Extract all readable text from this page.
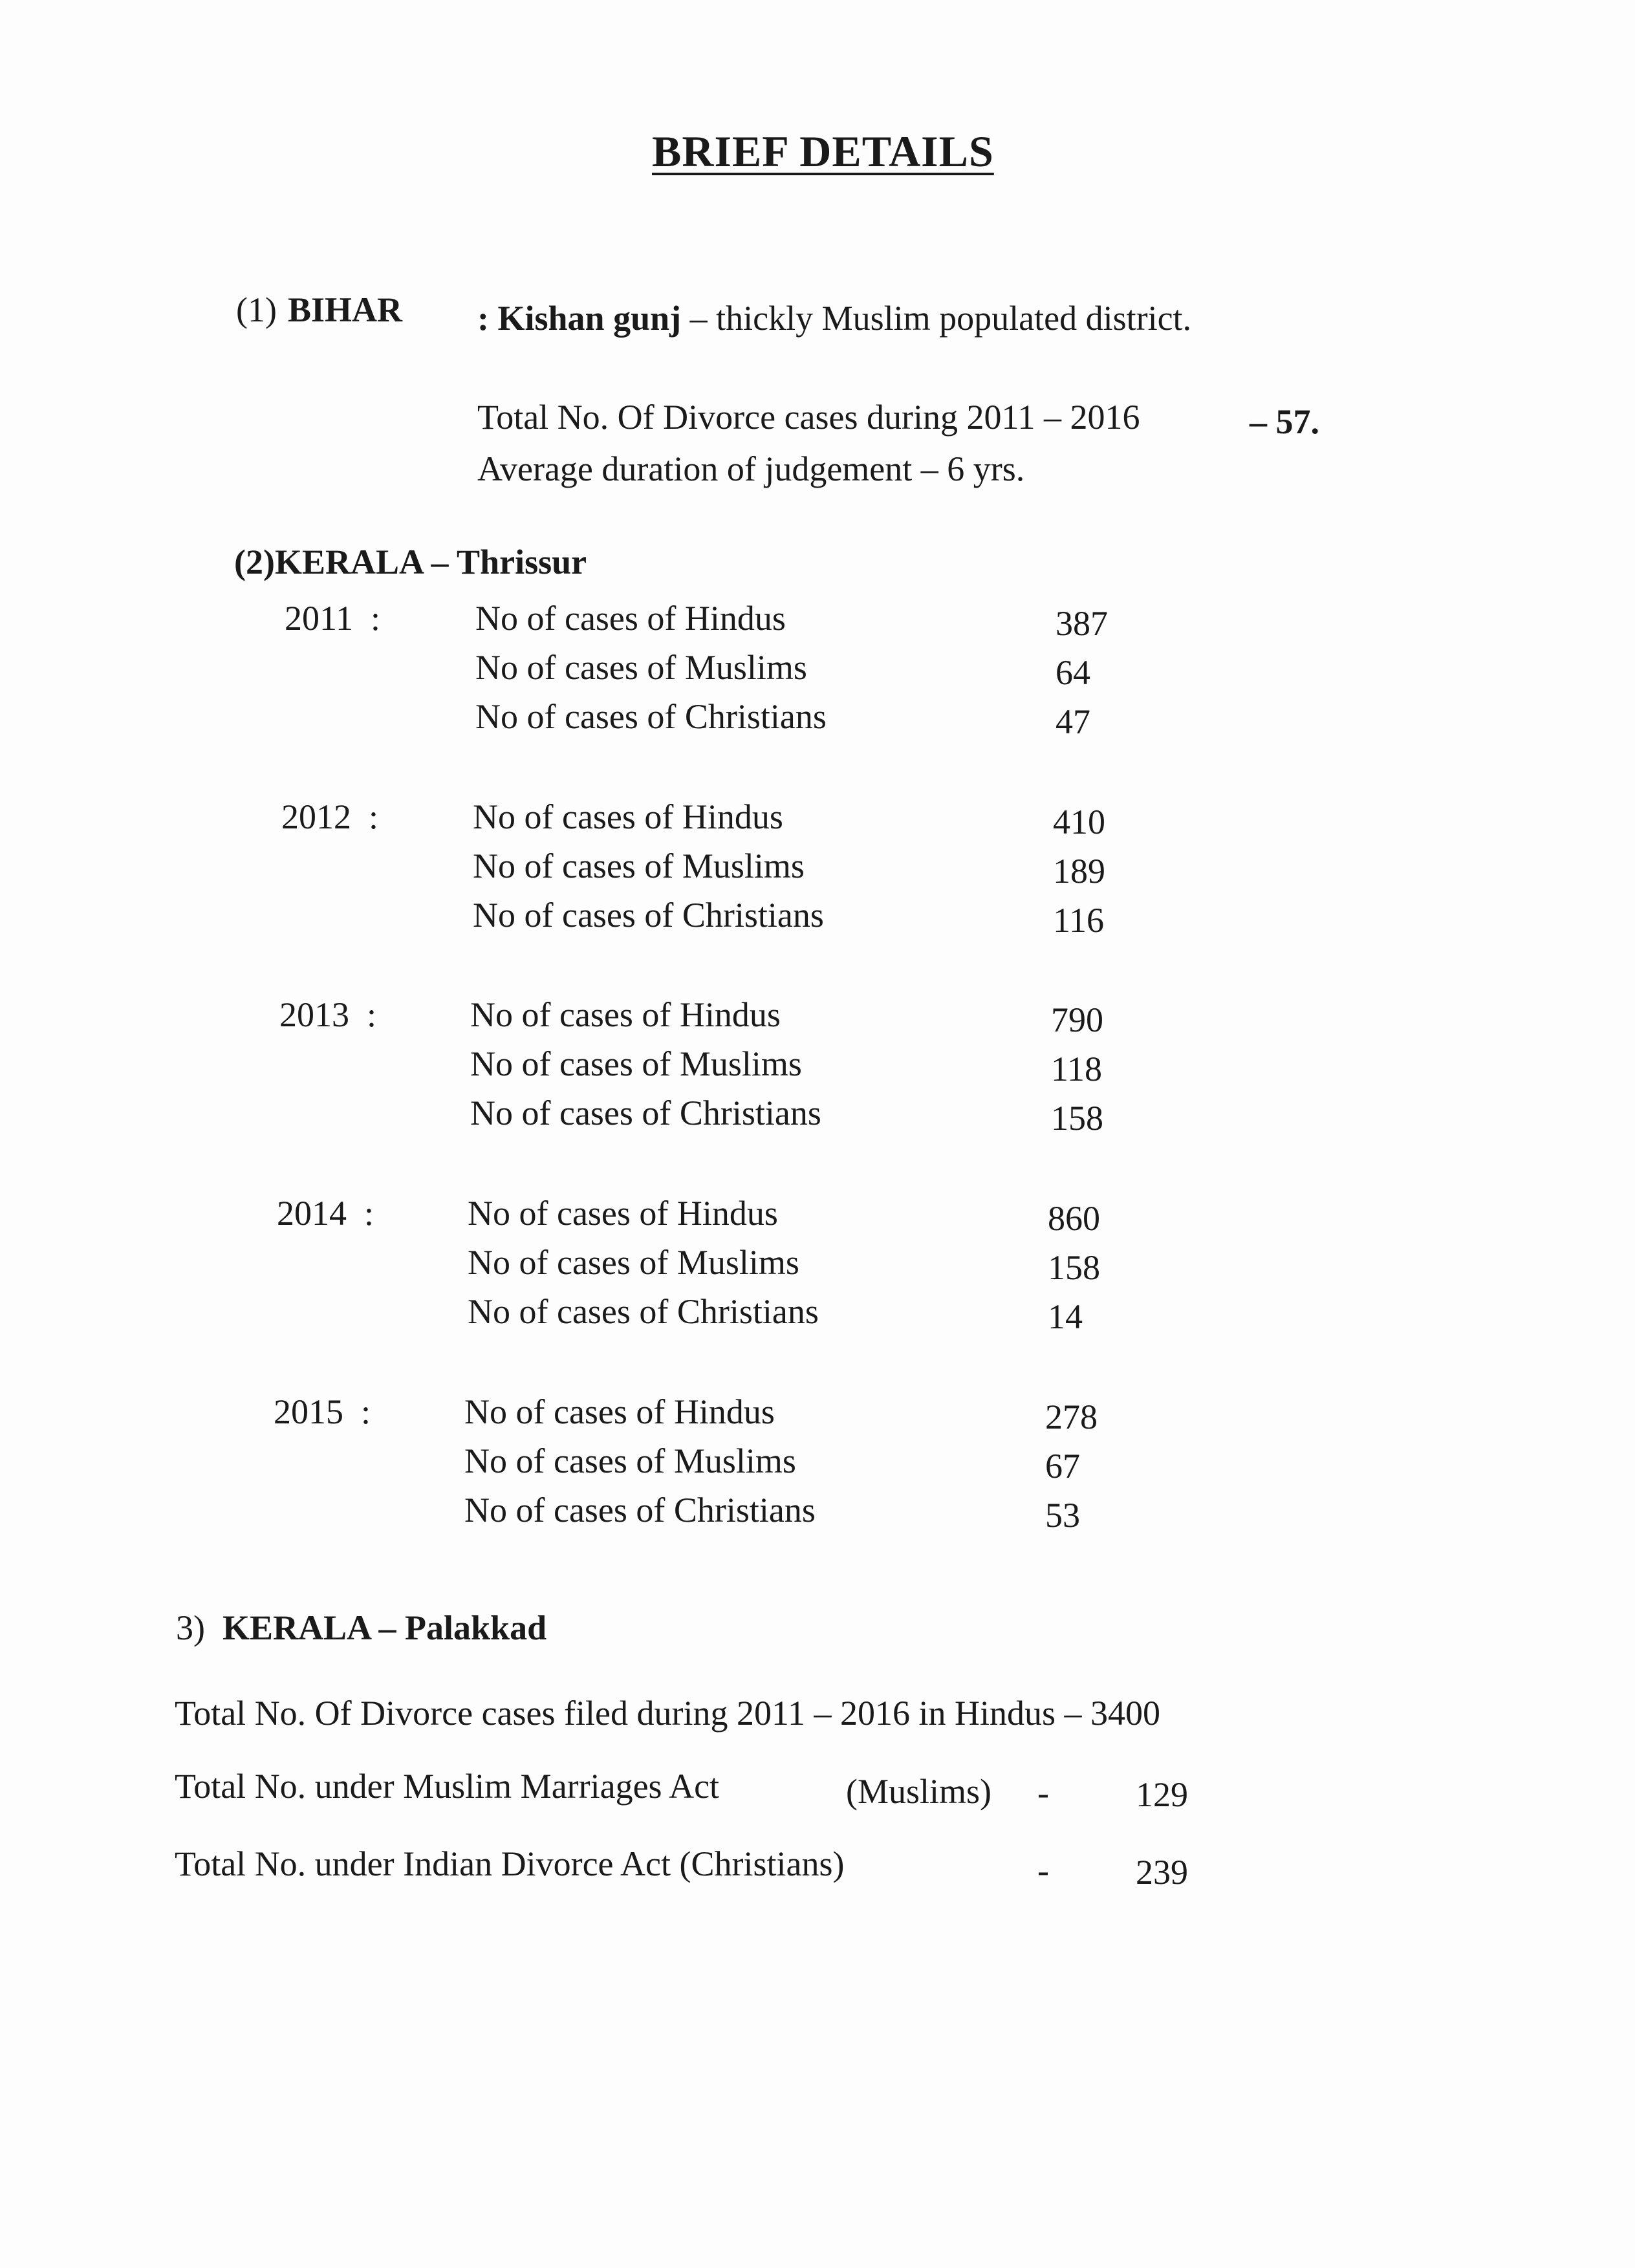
BRIEF DETAILS
(1) BIHAR : Kishan gunj – thickly Muslim populated district.
Total No. Of Divorce cases during 2011 – 2016	– 57.
Average duration of judgement – 6 yrs.
(2)KERALA – Thrissur
2011  :	No of cases of Hindus	387
No of cases of Muslims	64
No of cases of Christians	47
2012  :	No of cases of Hindus	410
No of cases of Muslims	189
No of cases of Christians	116
2013  :	No of cases of Hindus	790
No of cases of Muslims	118
No of cases of Christians	158
2014  :	No of cases of Hindus	860
No of cases of Muslims	158
No of cases of Christians	14
2015  :	No of cases of Hindus	278
No of cases of Muslims	67
No of cases of Christians	53
3) KERALA – Palakkad
Total No. Of Divorce cases filed during 2011 – 2016 in Hindus – 3400
Total No. under Muslim Marriages Act	(Muslims) - 129
Total No. under Indian Divorce Act (Christians)	- 239
